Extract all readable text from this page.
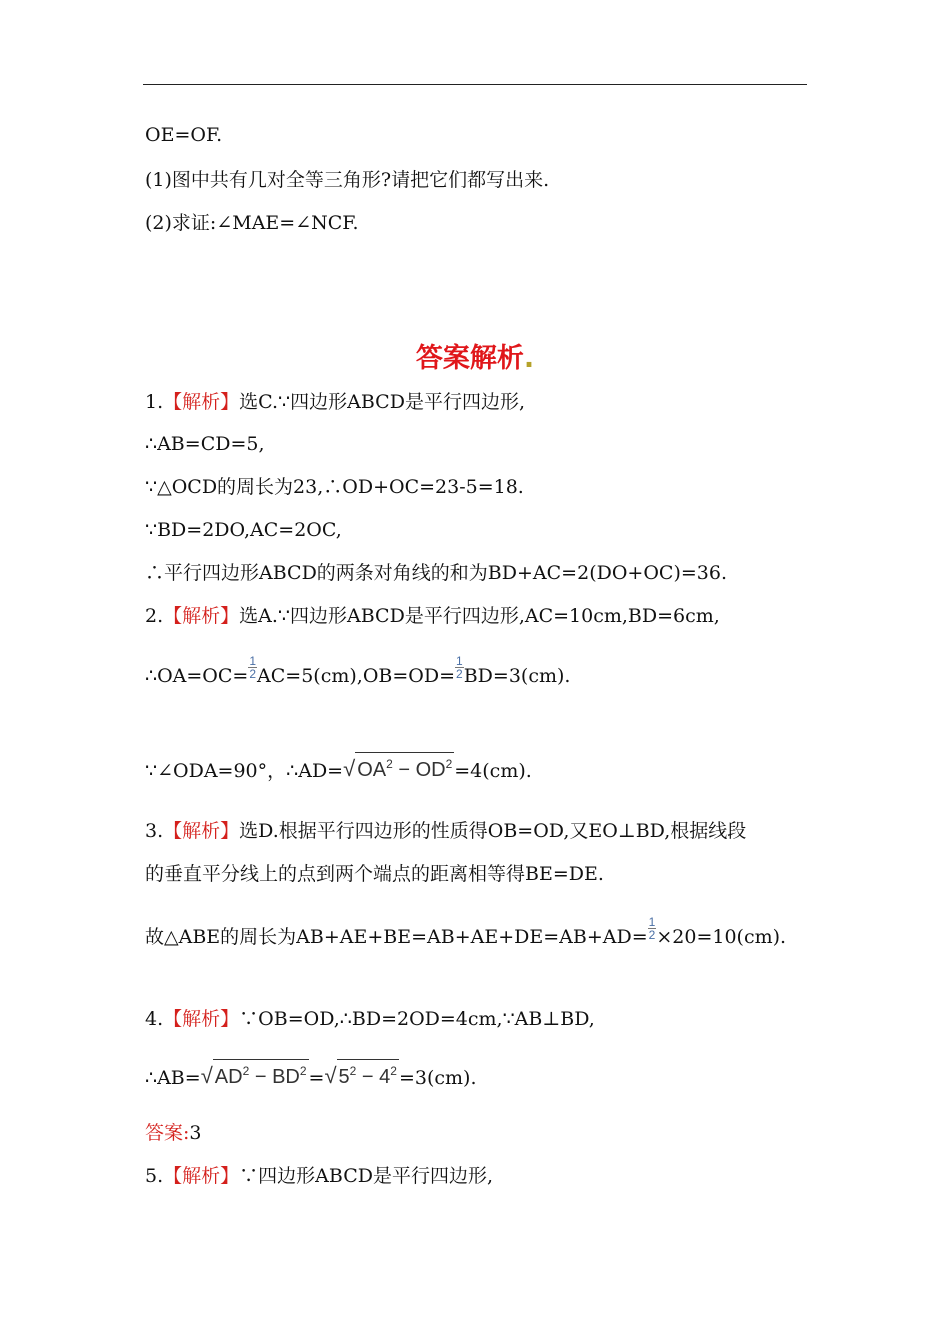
OE=OF.
(1)图中共有几对全等三角形?请把它们都写出来.
(2)求证:∠MAE=∠NCF.
答案解析.
1.【解析】选C.∵四边形ABCD是平行四边形,
∴AB=CD=5,
∵△OCD的周长为23,∴OD+OC=23-5=18.
∵BD=2DO,AC=2OC,
∴平行四边形ABCD的两条对角线的和为BD+AC=2(DO+OC)=36.
2.【解析】选A.∵四边形ABCD是平行四边形,AC=10cm,BD=6cm,
∴OA=OC= $\frac{1}{2} AC=5(cm),OB=OD= \frac{1}{2} BD=3(cm)$.
∵∠ODA=90°，∴AD=√ $OA^2 - OD^2 =4(cm)$.
3.【解析】选D.根据平行四边形的性质得OB=OD,又EO⊥BD,根据线段
的垂直平分线上的点到两个端点的距离相等得BE=DE.
故△ABE的周长为$AB+AE+BE=AB+AE+DE=AB+AD= \frac{1}{2} \times 20=10(cm)$.
4.【解析】∵OB=OD,∴BD=2OD=4cm,∵AB⊥BD,
∴AB=√ $AD^2 - BD^2$ =√ $5^2 - 4^2 =3(cm)$.
答案:3
5.【解析】∵四边形ABCD是平行四边形,
